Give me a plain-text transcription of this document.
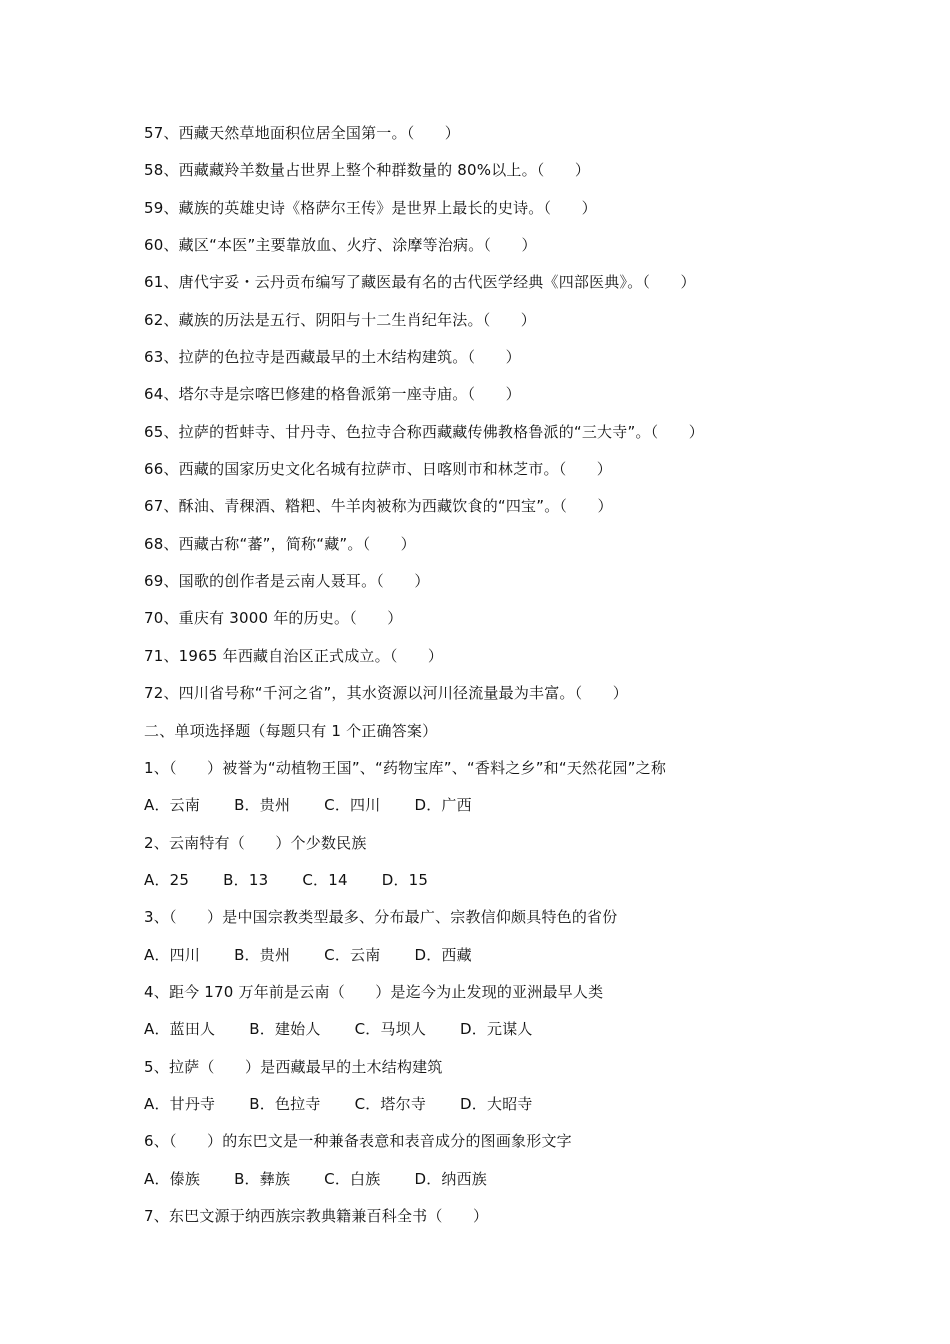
57、西藏天然草地面积位居全国第一。（　　）
58、西藏藏羚羊数量占世界上整个种群数量的 80%以上。（　　）
59、藏族的英雄史诗《格萨尔王传》是世界上最长的史诗。（　　）
60、藏区“本医”主要靠放血、火疗、涂摩等治病。（　　）
61、唐代宇妥・云丹贡布编写了藏医最有名的古代医学经典《四部医典》。（　　）
62、藏族的历法是五行、阴阳与十二生肖纪年法。（　　）
63、拉萨的色拉寺是西藏最早的土木结构建筑。（　　）
64、塔尔寺是宗喀巴修建的格鲁派第一座寺庙。（　　）
65、拉萨的哲蚌寺、甘丹寺、色拉寺合称西藏藏传佛教格鲁派的“三大寺”。（　　）
66、西藏的国家历史文化名城有拉萨市、日喀则市和林芝市。（　　）
67、酥油、青稞酒、糌粑、牛羊肉被称为西藏饮食的“四宝”。（　　）
68、西藏古称“蕃”，简称“藏”。（　　）
69、国歌的创作者是云南人聂耳。（　　）
70、重庆有 3000 年的历史。（　　）
71、1965 年西藏自治区正式成立。（　　）
72、四川省号称“千河之省”，其水资源以河川径流量最为丰富。（　　）
二、单项选择题（每题只有 1 个正确答案）
1、（　　）被誉为“动植物王国”、“药物宝库”、“香料之乡”和“天然花园”之称
A．云南 B．贵州 C．四川 D．广西
2、云南特有（　　）个少数民族
A．25 B．13 C．14 D．15
3、（　　）是中国宗教类型最多、分布最广、宗教信仰颇具特色的省份
A．四川 B．贵州 C．云南 D．西藏
4、距今 170 万年前是云南（　　）是迄今为止发现的亚洲最早人类
A．蓝田人 B．建始人 C．马坝人 D．元谋人
5、拉萨（　　）是西藏最早的土木结构建筑
A．甘丹寺 B．色拉寺 C．塔尔寺 D．大昭寺
6、（　　）的东巴文是一种兼备表意和表音成分的图画象形文字
A．傣族 B．彝族 C．白族 D．纳西族
7、东巴文源于纳西族宗教典籍兼百科全书（　　）
